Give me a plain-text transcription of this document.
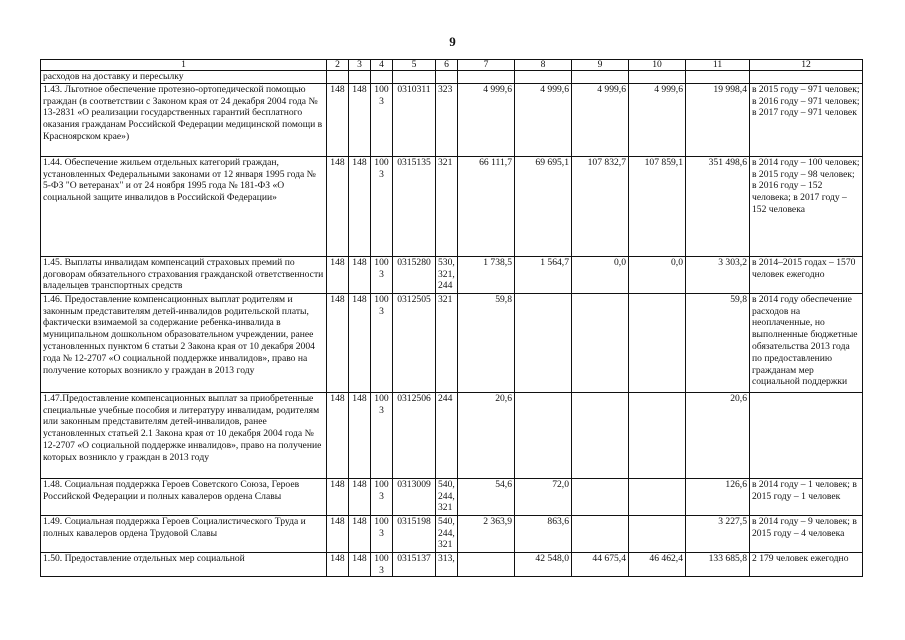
9
1	2	3	4	5	6	7	8	9	10	11	12
расходов на доставку и пересылку											
1.43. Льготное обеспечение протезно-ортопедической помощью граждан (в соответствии с Законом края от 24 декабря 2004 года № 13-2831 «О реализации государственных гарантий бесплатного оказания гражданам Российской Федерации медицинской помощи в Красноярском крае»)	148	148	1003	0310311	323	4 999,6	4 999,6	4 999,6	4 999,6	19 998,4	в 2015 году – 971 человек; в 2016 году – 971 человек; в 2017 году – 971 человек
1.44. Обеспечение жильем отдельных категорий граждан, установленных Федеральными законами от 12 января 1995 года № 5-ФЗ "О ветеранах" и от 24 ноября 1995 года № 181-ФЗ «О социальной защите инвалидов в Российской Федерации»	148	148	1003	0315135	321	66 111,7	69 695,1	107 832,7	107 859,1	351 498,6	в 2014 году – 100 человек; в 2015 году – 98 человек; в 2016 году – 152 человека; в 2017 году – 152 человека
1.45. Выплаты инвалидам компенсаций страховых премий по договорам обязательного страхования гражданской ответственности владельцев транспортных средств	148	148	1003	0315280	530, 321, 244	1 738,5	1 564,7	0,0	0,0	3 303,2	в 2014–2015 годах – 1570 человек ежегодно
1.46. Предоставление компенсационных выплат родителям и законным представителям детей-инвалидов родительской платы, фактически взимаемой за содержание ребенка-инвалида в муниципальном дошкольном образовательном учреждении, ранее установленных пунктом 6 статьи 2 Закона края от 10 декабря 2004 года № 12-2707 «О социальной поддержке инвалидов», право на получение которых возникло у граждан в 2013 году	148	148	1003	0312505	321	59,8				59,8	в 2014 году обеспечение расходов на неоплаченные, но выполненные бюджетные обязательства 2013 года по предоставлению гражданам мер социальной поддержки
1.47.Предоставление компенсационных выплат за приобретенные специальные учебные пособия и литературу инвалидам, родителям или законным представителям детей-инвалидов, ранее установленных статьей 2.1 Закона края от 10 декабря 2004 года № 12-2707 «О социальной поддержке инвалидов», право на получение которых возникло у граждан в 2013 году	148	148	1003	0312506	244	20,6				20,6	
1.48. Социальная поддержка Героев Советского Союза, Героев Российской Федерации и полных кавалеров ордена Славы	148	148	1003	0313009	540, 244, 321	54,6	72,0			126,6	в 2014 году – 1 человек; в 2015 году – 1 человек
1.49. Социальная поддержка Героев Социалистического Труда и полных кавалеров ордена Трудовой Славы	148	148	1003	0315198	540, 244, 321	2 363,9	863,6			3 227,5	в 2014 году – 9 человек; в 2015 году – 4 человека
1.50. Предоставление отдельных мер социальной	148	148	1003	0315137	313,		42 548,0	44 675,4	46 462,4	133 685,8	2 179 человек ежегодно
